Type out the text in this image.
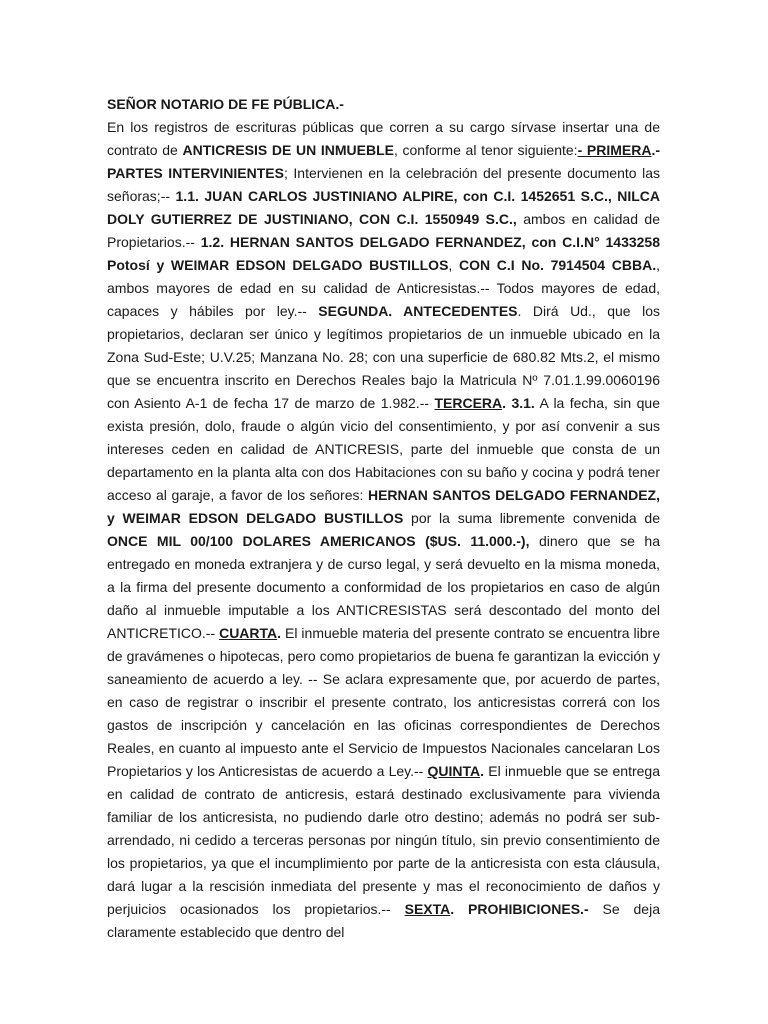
SEÑOR NOTARIO DE FE PÚBLICA.-

En los registros de escrituras públicas que corren a su cargo sírvase insertar una de contrato de ANTICRESIS DE UN INMUEBLE, conforme al tenor siguiente:- PRIMERA.- PARTES INTERVINIENTES; Intervienen en la celebración del presente documento las señoras;-- 1.1. JUAN CARLOS JUSTINIANO ALPIRE, con C.I. 1452651 S.C., NILCA DOLY GUTIERREZ DE JUSTINIANO, CON C.I. 1550949 S.C., ambos en calidad de Propietarios.-- 1.2. HERNAN SANTOS DELGADO FERNANDEZ, con C.I.N° 1433258 Potosí y WEIMAR EDSON DELGADO BUSTILLOS, CON C.I No. 7914504 CBBA., ambos mayores de edad en su calidad de Anticresistas.-- Todos mayores de edad, capaces y hábiles por ley.-- SEGUNDA. ANTECEDENTES. Dirá Ud., que los propietarios, declaran ser único y legítimos propietarios de un inmueble ubicado en la Zona Sud-Este; U.V.25; Manzana No. 28; con una superficie de 680.82 Mts.2, el mismo que se encuentra inscrito en Derechos Reales bajo la Matricula Nº 7.01.1.99.0060196 con Asiento A-1 de fecha 17 de marzo de 1.982.-- TERCERA. 3.1. A la fecha, sin que exista presión, dolo, fraude o algún vicio del consentimiento, y por así convenir a sus intereses ceden en calidad de ANTICRESIS, parte del inmueble que consta de un departamento en la planta alta con dos Habitaciones con su baño y cocina y podrá tener acceso al garaje, a favor de los señores: HERNAN SANTOS DELGADO FERNANDEZ, y WEIMAR EDSON DELGADO BUSTILLOS por la suma libremente convenida de ONCE MIL 00/100 DOLARES AMERICANOS ($US. 11.000.-), dinero que se ha entregado en moneda extranjera y de curso legal, y será devuelto en la misma moneda, a la firma del presente documento a conformidad de los propietarios en caso de algún daño al inmueble imputable a los ANTICRESISTAS será descontado del monto del ANTICRETICO.-- CUARTA. El inmueble materia del presente contrato se encuentra libre de gravámenes o hipotecas, pero como propietarios de buena fe garantizan la evicción y saneamiento de acuerdo a ley. -- Se aclara expresamente que, por acuerdo de partes, en caso de registrar o inscribir el presente contrato, los anticresistas correrá con los gastos de inscripción y cancelación en las oficinas correspondientes de Derechos Reales, en cuanto al impuesto ante el Servicio de Impuestos Nacionales cancelaran Los Propietarios y los Anticresistas de acuerdo a Ley.-- QUINTA. El inmueble que se entrega en calidad de contrato de anticresis, estará destinado exclusivamente para vivienda familiar de los anticresista, no pudiendo darle otro destino; además no podrá ser sub-arrendado, ni cedido a terceras personas por ningún título, sin previo consentimiento de los propietarios, ya que el incumplimiento por parte de la anticresista con esta cláusula, dará lugar a la rescisión inmediata del presente y mas el reconocimiento de daños y perjuicios ocasionados los propietarios.-- SEXTA. PROHIBICIONES.- Se deja claramente establecido que dentro del
